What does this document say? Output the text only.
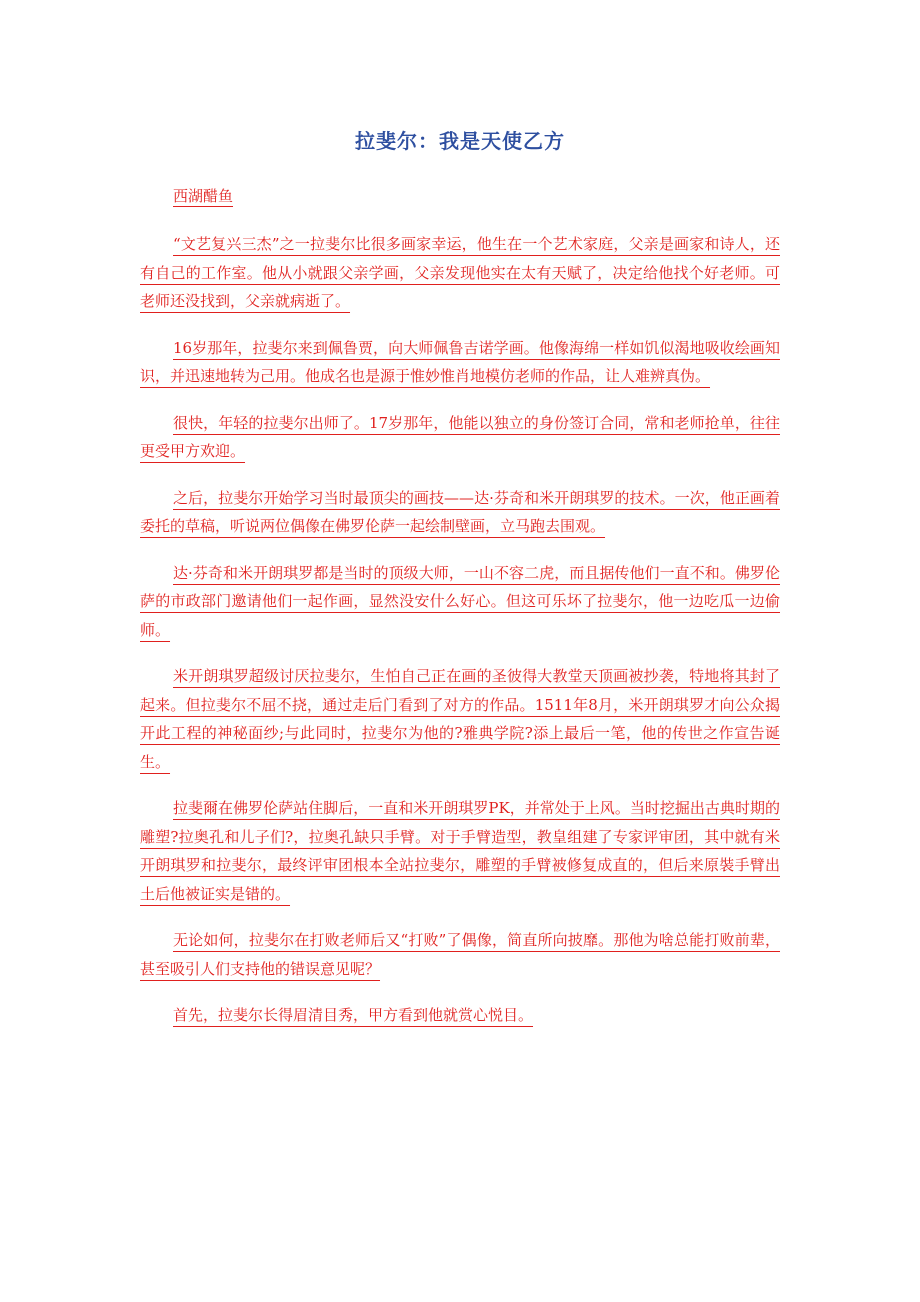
拉斐尔：我是天使乙方
西湖醋鱼

“文艺复兴三杰”之一拉斐尔比很多画家幸运，他生在一个艺术家庭，父亲是画家和诗人，还有自己的工作室。他从小就跟父亲学画，父亲发现他实在太有天赋了，决定给他找个好老师。可老师还没找到，父亲就病逝了。

16岁那年，拉斐尔来到佩鲁贾，向大师佩鲁吉诺学画。他像海绵一样如饥似渴地吸收绘画知识，并迅速地转为己用。他成名也是源于惟妙惟肖地模仿老师的作品，让人难辨真伪。

很快，年轻的拉斐尔出师了。17岁那年，他能以独立的身份签订合同，常和老师抢单，往往更受甲方欢迎。

之后，拉斐尔开始学习当时最顶尖的画技——达·芬奇和米开朗琪罗的技术。一次，他正画着委托的草稿，听说两位偶像在佛罗伦萨一起绘制壁画，立马跑去围观。

达·芬奇和米开朗琪罗都是当时的顶级大师，一山不容二虎，而且据传他们一直不和。佛罗伦萨的市政部门邀请他们一起作画，显然没安什么好心。但这可乐坏了拉斐尔，他一边吃瓜一边偷师。

米开朗琪罗超级讨厌拉斐尔，生怕自己正在画的圣彼得大教堂天顶画被抄袭，特地将其封了起来。但拉斐尔不屈不挠，通过走后门看到了对方的作品。1511年8月，米开朗琪罗才向公众揭开此工程的神秘面纱;与此同时，拉斐尔为他的?雅典学院?添上最后一笔，他的传世之作宣告诞生。

拉斐爾在佛罗伦萨站住脚后，一直和米开朗琪罗PK，并常处于上风。当时挖掘出古典时期的雕塑?拉奥孔和儿子们?，拉奥孔缺只手臂。对于手臂造型，教皇组建了专家评审团，其中就有米开朗琪罗和拉斐尔，最终评审团根本全站拉斐尔，雕塑的手臂被修复成直的，但后来原裝手臂出土后他被证实是错的。

无论如何，拉斐尔在打败老师后又“打败”了偶像，简直所向披靡。那他为啥总能打败前辈，甚至吸引人们支持他的错误意见呢？

首先，拉斐尔长得眉清目秀，甲方看到他就赏心悦目。
